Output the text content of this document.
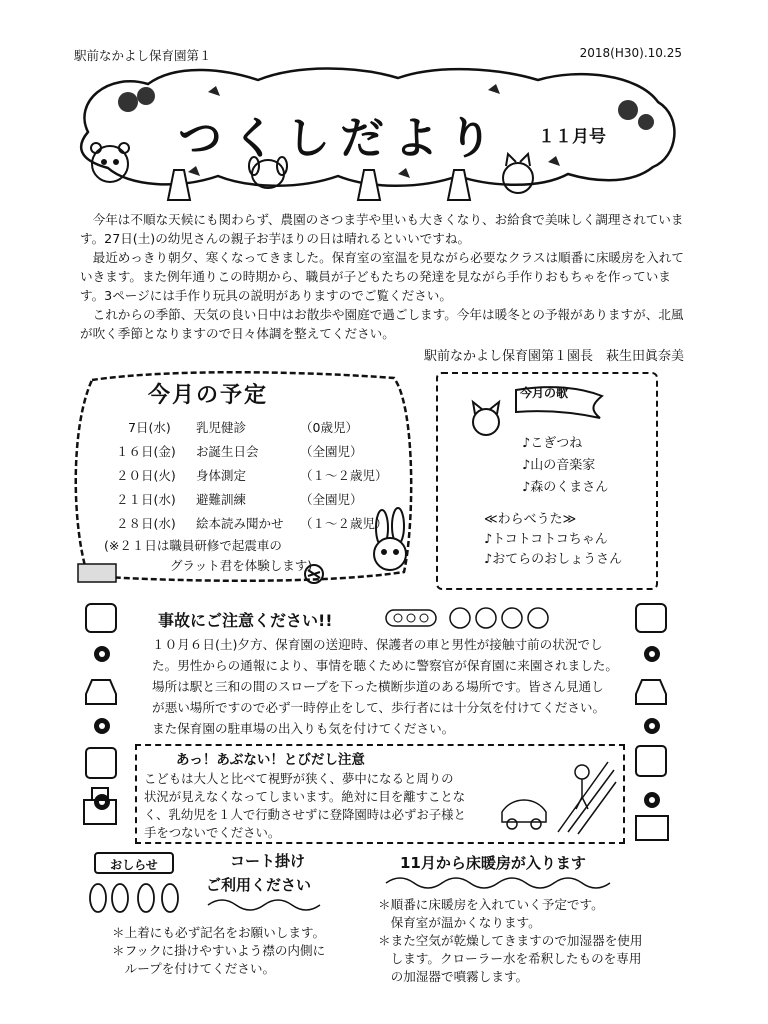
駅前なかよし保育園第１	2018(H30).10.25
つくしだより １１月号

今年は不順な天候にも関わらず、農園のさつま芋や里いも大きくなり、お給食で美味しく調理されています。27日(土)の幼児さんの親子お芋ほりの日は晴れるといいですね。

最近めっきり朝夕、寒くなってきました。保育室の室温を見ながら必要なクラスは順番に床暖房を入れていきます。また例年通りこの時期から、職員が子どもたちの発達を見ながら手作りおもちゃを作っています。3ページには手作り玩具の説明がありますのでご覧ください。

これからの季節、天気の良い日中はお散歩や園庭で過ごします。今年は暖冬との予報がありますが、北風が吹く季節となりますので日々体調を整えてください。

駅前なかよし保育園第１園長　萩生田眞奈美
今月の予定
7日(水) 乳児健診	（0歳児）
１６日(金) お誕生日会	（全園児）
２０日(火) 身体測定	（１～２歳児）
２１日(水) 避難訓練	（全園児）
２８日(水) 絵本読み聞かせ （１～２歳児）
(※２１日は職員研修で起震車の
グラット君を体験します)
今月の歌
♪こぎつね
♪山の音楽家
♪森のくまさん
≪わらべうた≫
♪トコトコトコちゃん
♪おてらのおしょうさん
事故にご注意ください!!

１０月６日(土)夕方、保育園の送迎時、保護者の車と男性が接触寸前の状況でし

た。男性からの通報により、事情を聴くために警察官が保育園に来園されました。

場所は駅と三和の間のスロープを下った横断歩道のある場所です。皆さん見通し

が悪い場所ですので必ず一時停止をして、歩行者には十分気を付けてください。

また保育園の駐車場の出入りも気を付けてください。

あっ！あぶない！とびだし注意

こどもは大人と比べて視野が狭く、夢中になると周りの

状況が見えなくなってしまいます。絶対に目を離すことな

く、乳幼児を１人で行動させずに登降園時は必ずお子様と

手をつないでください。

おしらせ	コート掛け
ご利用ください

＊上着にも必ず記名をお願いします。

＊フックに掛けやすいよう襟の内側に

　ループを付けてください。

11月から床暖房が入ります

＊順番に床暖房を入れていく予定です。

　保育室が温かくなります。

＊また空気が乾燥してきますので加湿器を使用

　します。クローラー水を希釈したものを専用

　の加湿器で噴霧します。
